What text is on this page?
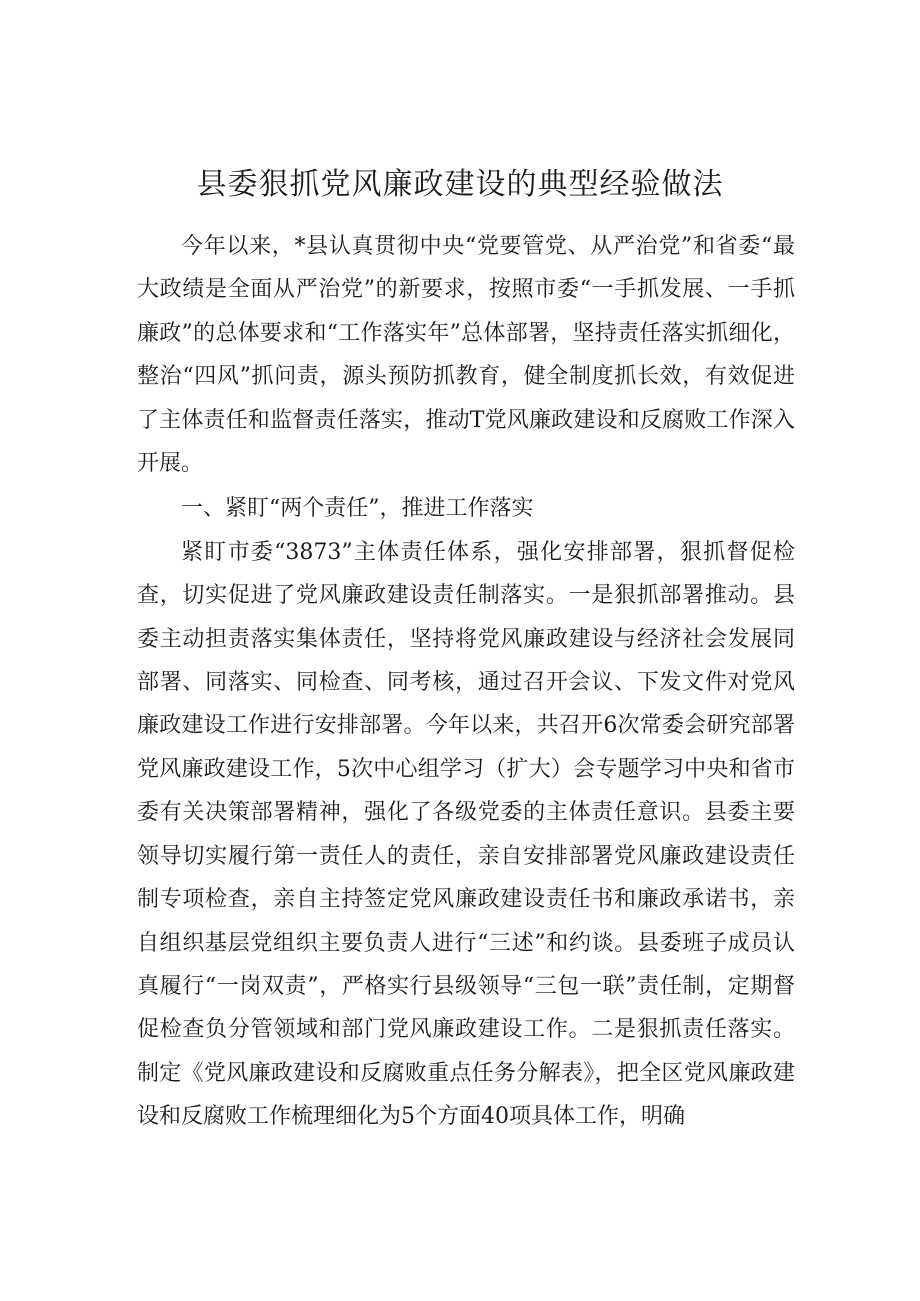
县委狠抓党风廉政建设的典型经验做法

今年以来，*县认真贯彻中央“党要管党、从严治党”和省委“最大政绩是全面从严治党”的新要求，按照市委“一手抓发展、一手抓廉政”的总体要求和“工作落实年”总体部署，坚持责任落实抓细化，整治“四风”抓问责，源头预防抓教育，健全制度抓长效，有效促进了主体责任和监督责任落实，推动T党风廉政建设和反腐败工作深入开展。

一、紧盯“两个责任”，推进工作落实

紧盯市委“3873”主体责任体系，强化安排部署，狠抓督促检查，切实促进了党风廉政建设责任制落实。一是狠抓部署推动。县委主动担责落实集体责任，坚持将党风廉政建设与经济社会发展同部署、同落实、同检查、同考核，通过召开会议、下发文件对党风廉政建设工作进行安排部署。今年以来，共召开6次常委会研究部署党风廉政建设工作，5次中心组学习（扩大）会专题学习中央和省市委有关决策部署精神，强化了各级党委的主体责任意识。县委主要领导切实履行第一责任人的责任，亲自安排部署党风廉政建设责任制专项检查，亲自主持签定党风廉政建设责任书和廉政承诺书，亲自组织基层党组织主要负责人进行“三述”和约谈。县委班子成员认真履行“一岗双责”，严格实行县级领导“三包一联”责任制，定期督促检查负分管领域和部门党风廉政建设工作。二是狠抓责任落实。制定《党风廉政建设和反腐败重点任务分解表》，把全区党风廉政建设和反腐败工作梳理细化为5个方面40项具体工作，明确
